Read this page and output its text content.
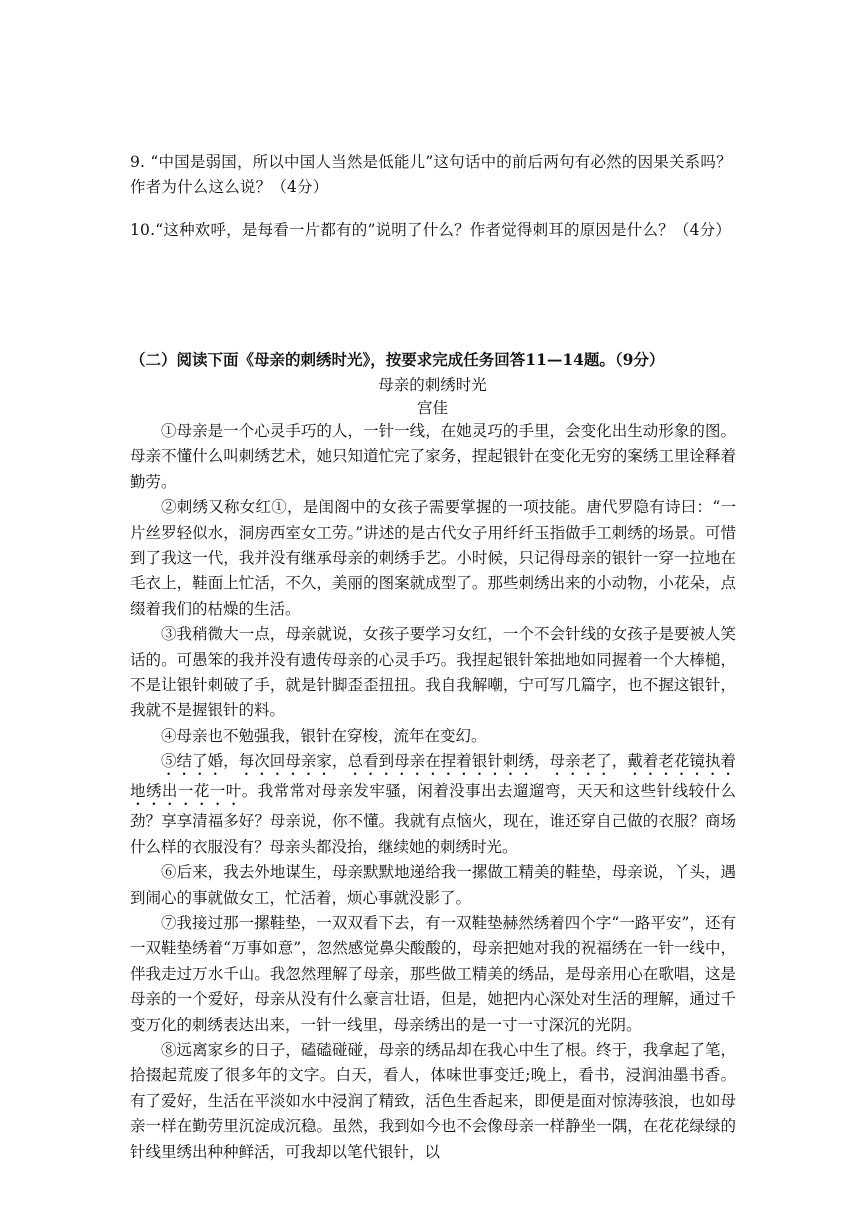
9. “中国是弱国，所以中国人当然是低能儿”这句话中的前后两句有必然的因果关系吗？作者为什么这么说？（4分）
10.“这种欢呼，是每看一片都有的”说明了什么？作者觉得刺耳的原因是什么？（4分）
（二）阅读下面《母亲的刺绣时光》，按要求完成任务回答11—14题。（9分）
母亲的刺绣时光
宫佳

①母亲是一个心灵手巧的人，一针一线，在她灵巧的手里，会变化出生动形象的图。母亲不懂什么叫刺绣艺术，她只知道忙完了家务，捏起银针在变化无穷的案绣工里诠释着勤劳。

②刺绣又称女红①，是闺阁中的女孩子需要掌握的一项技能。唐代罗隐有诗曰：“一片丝罗轻似水，洞房西室女工劳。”讲述的是古代女子用纤纤玉指做手工刺绣的场景。可惜到了我这一代，我并没有继承母亲的刺绣手艺。小时候，只记得母亲的银针一穿一拉地在毛衣上，鞋面上忙活，不久，美丽的图案就成型了。那些刺绣出来的小动物，小花朵，点缀着我们的枯燥的生活。

③我稍微大一点，母亲就说，女孩子要学习女红，一个不会针线的女孩子是要被人笑话的。可愚笨的我并没有遗传母亲的心灵手巧。我捏起银针笨拙地如同握着一个大棒槌，不是让银针刺破了手，就是针脚歪歪扭扭。我自我解嘲，宁可写几篇字，也不握这银针，我就不是握银针的料。

④母亲也不勉强我，银针在穿梭，流年在变幻。

⑤结了婚，每次回母亲家，总看到母亲在捏着银针刺绣，母亲老了，戴着老花镜执着地绣出一花一叶。我常常对母亲发牢骚，闲着没事出去遛遛弯，天天和这些针线较什么劲？享享清福多好？母亲说，你不懂。我就有点恼火，现在，谁还穿自己做的衣服？商场什么样的衣服没有？母亲头都没抬，继续她的刺绣时光。

⑥后来，我去外地谋生，母亲默默地递给我一摞做工精美的鞋垫，母亲说，丫头，遇到闹心的事就做女工，忙活着，烦心事就没影了。

⑦我接过那一摞鞋垫，一双双看下去，有一双鞋垫赫然绣着四个字“一路平安”，还有一双鞋垫绣着“万事如意”，忽然感觉鼻尖酸酸的，母亲把她对我的祝福绣在一针一线中，伴我走过万水千山。我忽然理解了母亲，那些做工精美的绣品，是母亲用心在歌唱，这是母亲的一个爱好，母亲从没有什么豪言壮语，但是，她把内心深处对生活的理解，通过千变万化的刺绣表达出来，一针一线里，母亲绣出的是一寸一寸深沉的光阴。

⑧远离家乡的日子，磕磕碰碰，母亲的绣品却在我心中生了根。终于，我拿起了笔，拾掇起荒废了很多年的文字。白天，看人，体味世事变迁;晚上，看书，浸润油墨书香。有了爱好，生活在平淡如水中浸润了精致，活色生香起来，即便是面对惊涛骇浪，也如母亲一样在勤劳里沉淀成沉稳。虽然，我到如今也不会像母亲一样静坐一隅，在花花绿绿的针线里绣出种种鲜活，可我却以笔代银针，以
